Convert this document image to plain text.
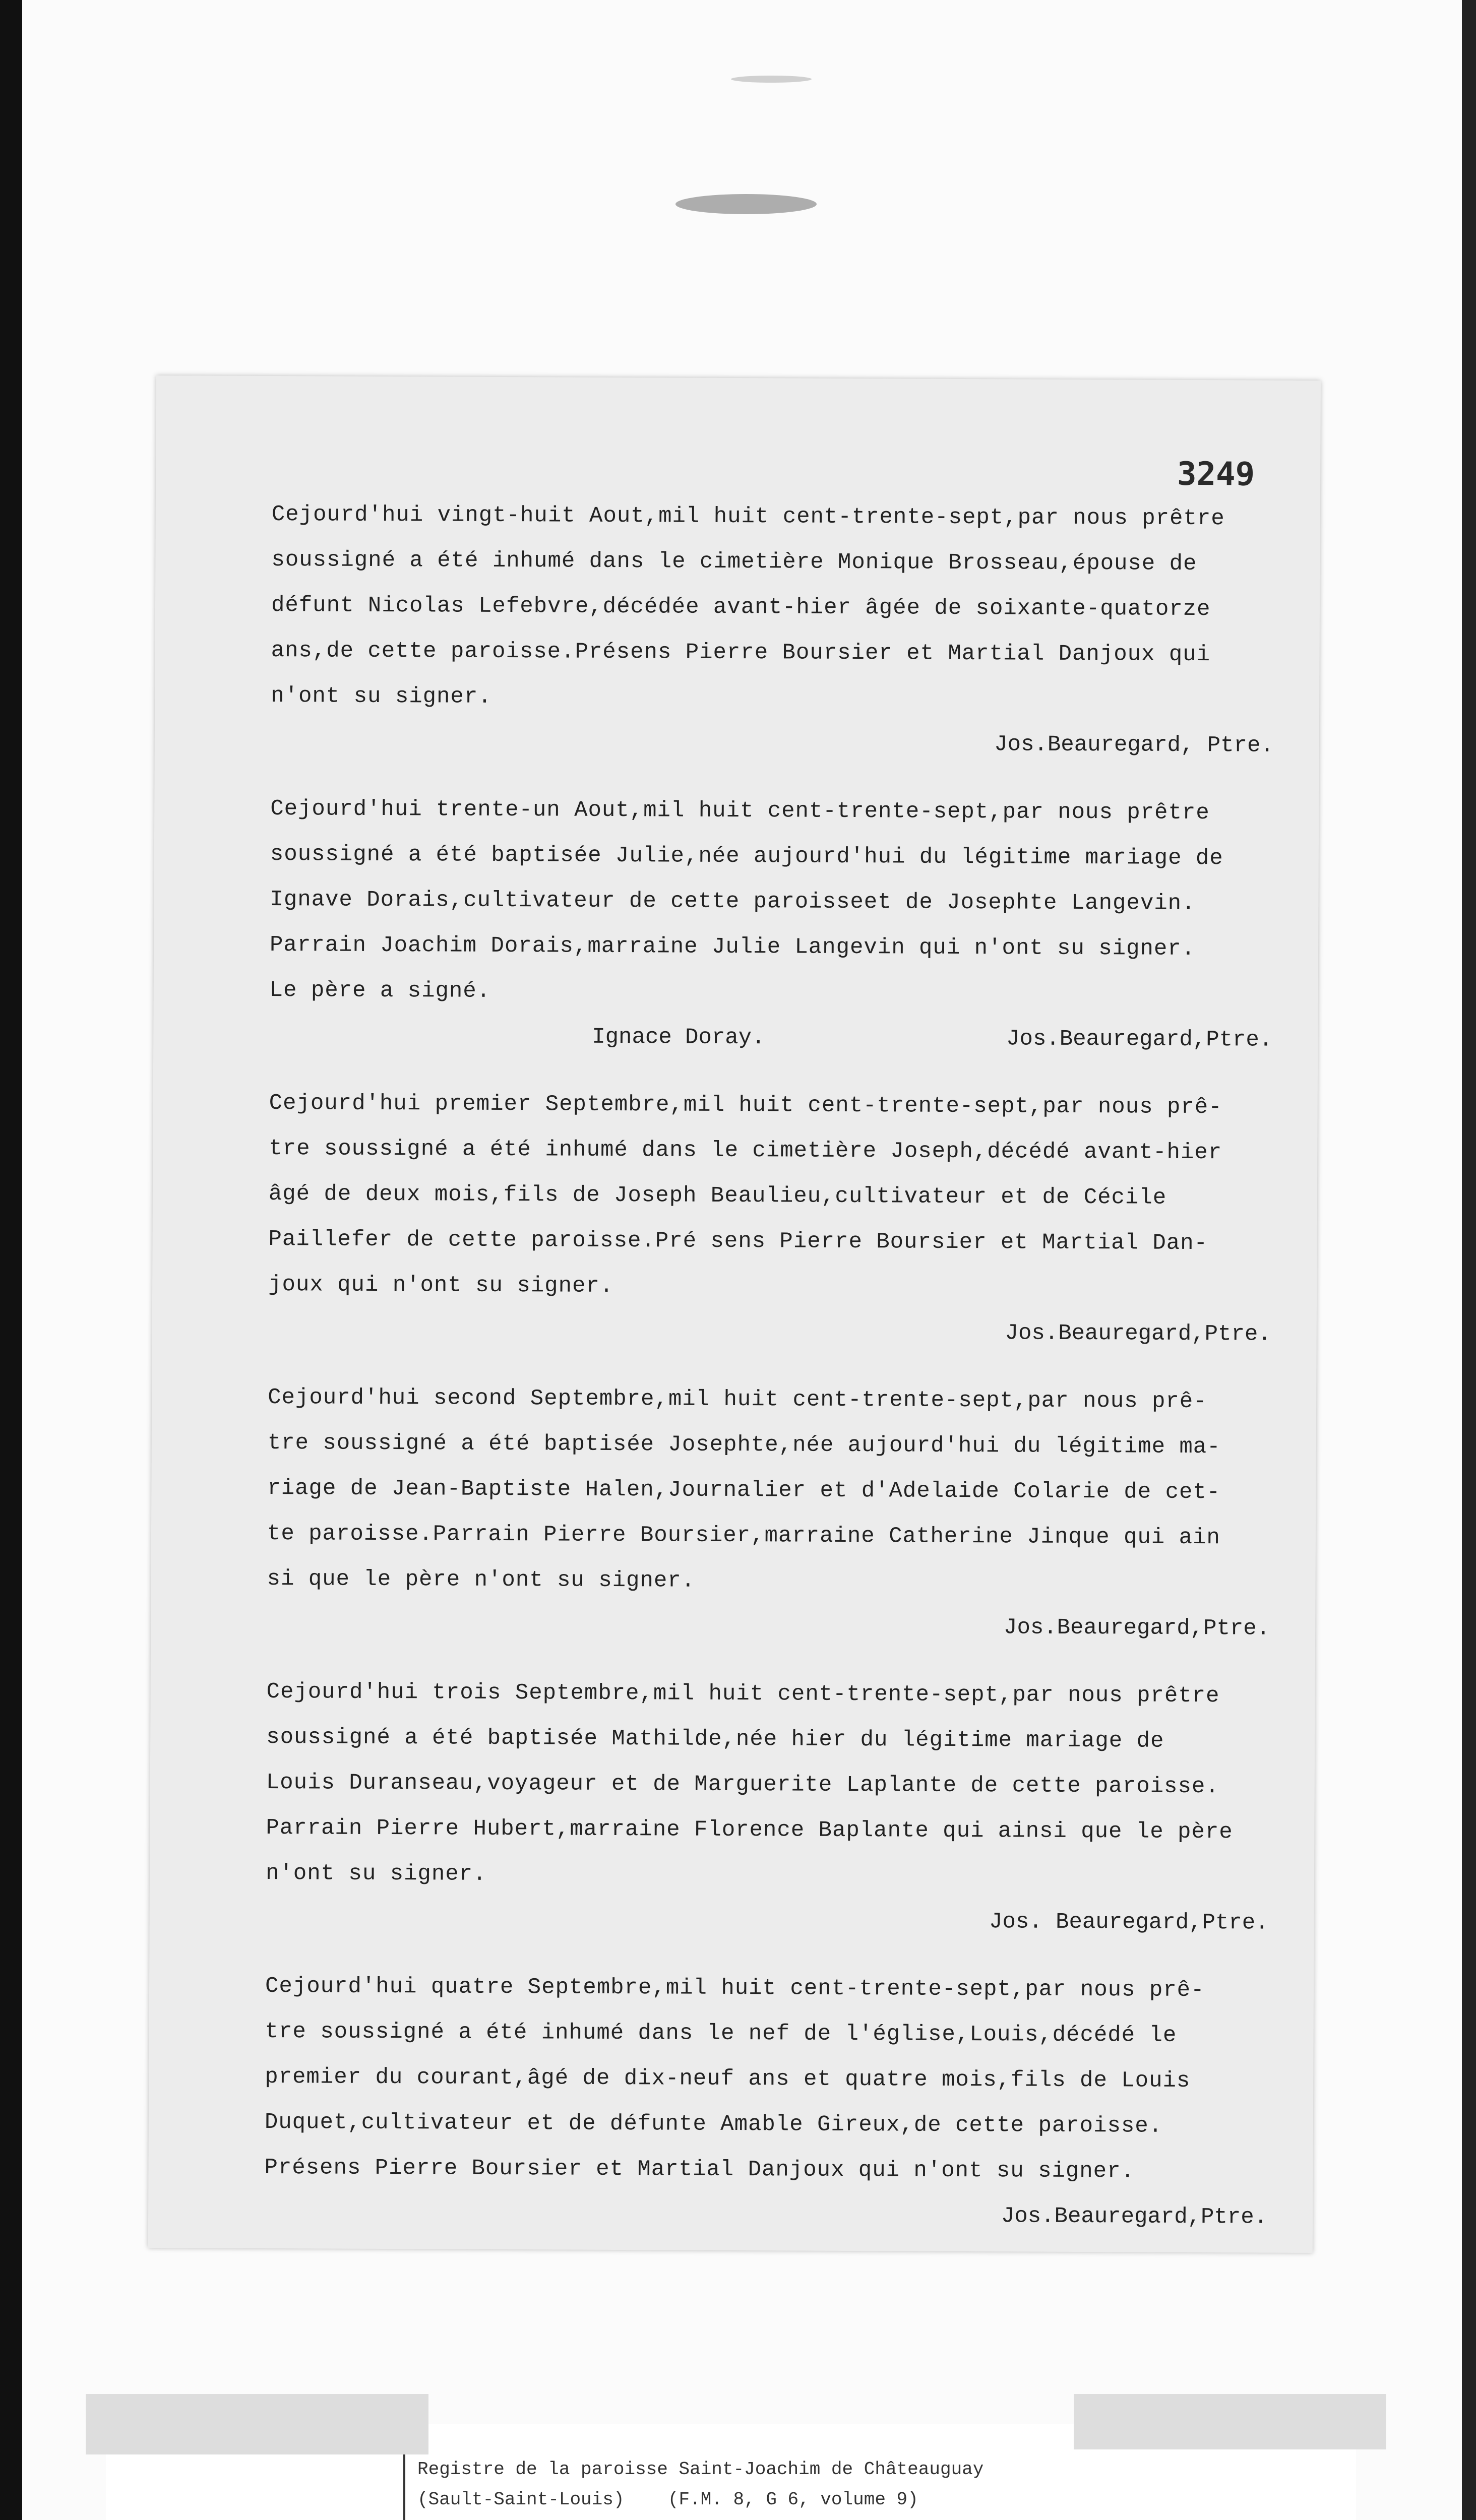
3249

Cejourd'hui vingt-huit Aout,mil huit cent-trente-sept,par nous prêtre

soussigné a été inhumé dans le cimetière Monique Brosseau,épouse de

défunt Nicolas Lefebvre,décédée avant-hier âgée de soixante-quatorze

ans,de cette paroisse.Présens Pierre Boursier et Martial Danjoux qui

n'ont su signer.

Jos.Beauregard, Ptre.

Cejourd'hui trente-un Aout,mil huit cent-trente-sept,par nous prêtre

soussigné a été baptisée Julie,née aujourd'hui du légitime mariage de

Ignave Dorais,cultivateur de cette paroisseet de Josephte Langevin.

Parrain Joachim Dorais,marraine Julie Langevin qui n'ont su signer.

Le père a signé.

Ignace Doray.	Jos.Beauregard,Ptre.

Cejourd'hui premier Septembre,mil huit cent-trente-sept,par nous prê-

tre soussigné a été inhumé dans le cimetière Joseph,décédé avant-hier

âgé de deux mois,fils de Joseph Beaulieu,cultivateur et de Cécile

Paillefer de cette paroisse.Pré sens Pierre Boursier et Martial Dan-

joux qui n'ont su signer.

Jos.Beauregard,Ptre.

Cejourd'hui second Septembre,mil huit cent-trente-sept,par nous prê-

tre soussigné a été baptisée Josephte,née aujourd'hui du légitime ma-

riage de Jean-Baptiste Halen,Journalier et d'Adelaide Colarie de cet-

te paroisse.Parrain Pierre Boursier,marraine Catherine Jinque qui ain

si que le père n'ont su signer.

Jos.Beauregard,Ptre.

Cejourd'hui trois Septembre,mil huit cent-trente-sept,par nous prêtre

soussigné a été baptisée Mathilde,née hier du légitime mariage de

Louis Duranseau,voyageur et de Marguerite Laplante de cette paroisse.

Parrain Pierre Hubert,marraine Florence Baplante qui ainsi que le père

n'ont su signer.

Jos. Beauregard,Ptre.

Cejourd'hui quatre Septembre,mil huit cent-trente-sept,par nous prê-

tre soussigné a été inhumé dans le nef de l'église,Louis,décédé le

premier du courant,âgé de dix-neuf ans et quatre mois,fils de Louis

Duquet,cultivateur et de défunte Amable Gireux,de cette paroisse.

Présens Pierre Boursier et Martial Danjoux qui n'ont su signer.

Jos.Beauregard,Ptre.

Registre de la paroisse Saint-Joachim de Châteauguay

(Sault-Saint-Louis)    (F.M. 8, G 6, volume 9)
